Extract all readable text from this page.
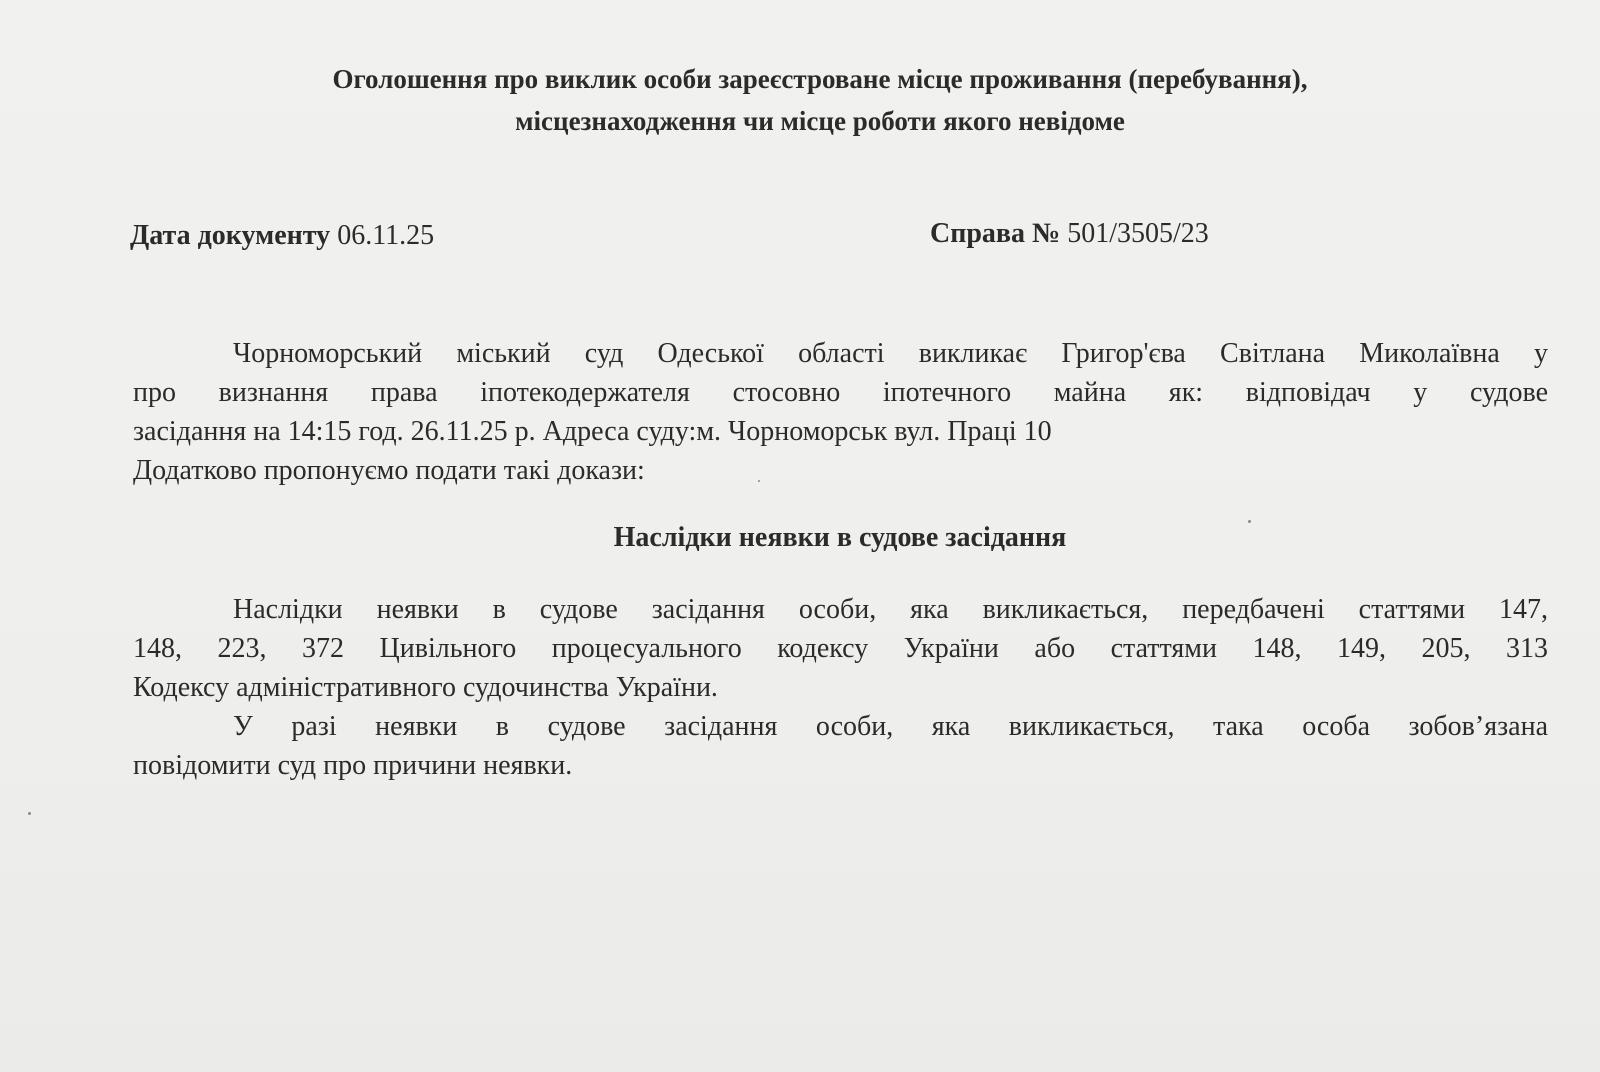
Оголошення про виклик особи зареєстроване місце проживання (перебування),
місцезнаходження чи місце роботи якого невідоме
Дата документу 06.11.25	Справа № 501/3505/23
Чорноморський міський суд Одеської області викликає Григор'єва Світлана Миколаївна у
про визнання права іпотекодержателя стосовно іпотечного майна як: відповідач у судове
засідання на 14:15 год. 26.11.25 р. Адреса суду:м. Чорноморськ вул. Праці 10
Додатково пропонуємо подати такі докази:
Наслідки неявки в судове засідання
Наслідки неявки в судове засідання особи, яка викликається, передбачені статтями 147,
148, 223, 372 Цивільного процесуального кодексу України або статтями 148, 149, 205, 313
Кодексу адміністративного судочинства України.
У разі неявки в судове засідання особи, яка викликається, така особа зобов’язана
повідомити суд про причини неявки.
